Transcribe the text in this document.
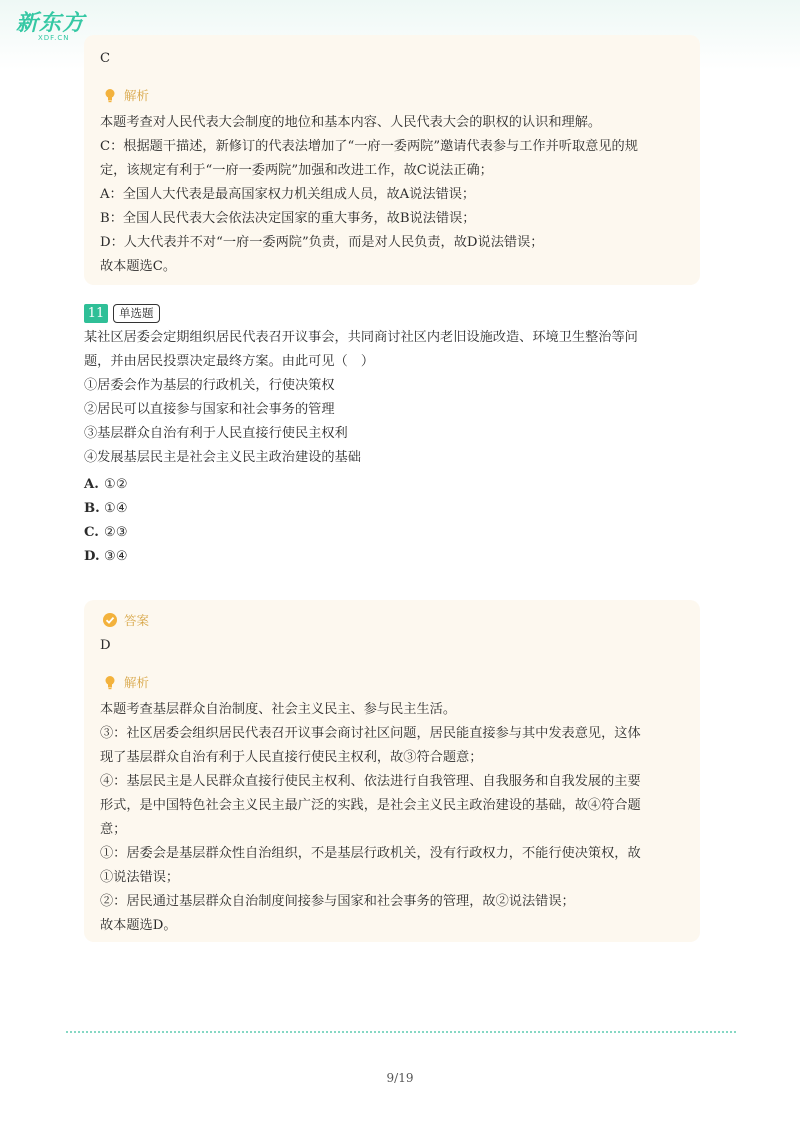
新东方
XDF.CN
C
解析
本题考查对人民代表大会制度的地位和基本内容、人民代表大会的职权的认识和理解。
C：根据题干描述，新修订的代表法增加了“一府一委两院”邀请代表参与工作并听取意见的规
定，该规定有利于“一府一委两院”加强和改进工作，故C说法正确；
A：全国人大代表是最高国家权力机关组成人员，故A说法错误；
B：全国人民代表大会依法决定国家的重大事务，故B说法错误；
D：人大代表并不对“一府一委两院”负责，而是对人民负责，故D说法错误；
故本题选C。
11	单选题
某社区居委会定期组织居民代表召开议事会，共同商讨社区内老旧设施改造、环境卫生整治等问
题，并由居民投票决定最终方案。由此可见（　）
①居委会作为基层的行政机关，行使决策权
②居民可以直接参与国家和社会事务的管理
③基层群众自治有利于人民直接行使民主权利
④发展基层民主是社会主义民主政治建设的基础
A. ①②
B. ①④
C. ②③
D. ③④
答案
D
解析
本题考查基层群众自治制度、社会主义民主、参与民主生活。
③：社区居委会组织居民代表召开议事会商讨社区问题，居民能直接参与其中发表意见，这体
现了基层群众自治有利于人民直接行使民主权利，故③符合题意；
④：基层民主是人民群众直接行使民主权利、依法进行自我管理、自我服务和自我发展的主要
形式，是中国特色社会主义民主最广泛的实践，是社会主义民主政治建设的基础，故④符合题
意；
①：居委会是基层群众性自治组织，不是基层行政机关，没有行政权力，不能行使决策权，故
①说法错误；
②：居民通过基层群众自治制度间接参与国家和社会事务的管理，故②说法错误；
故本题选D。
9/19
